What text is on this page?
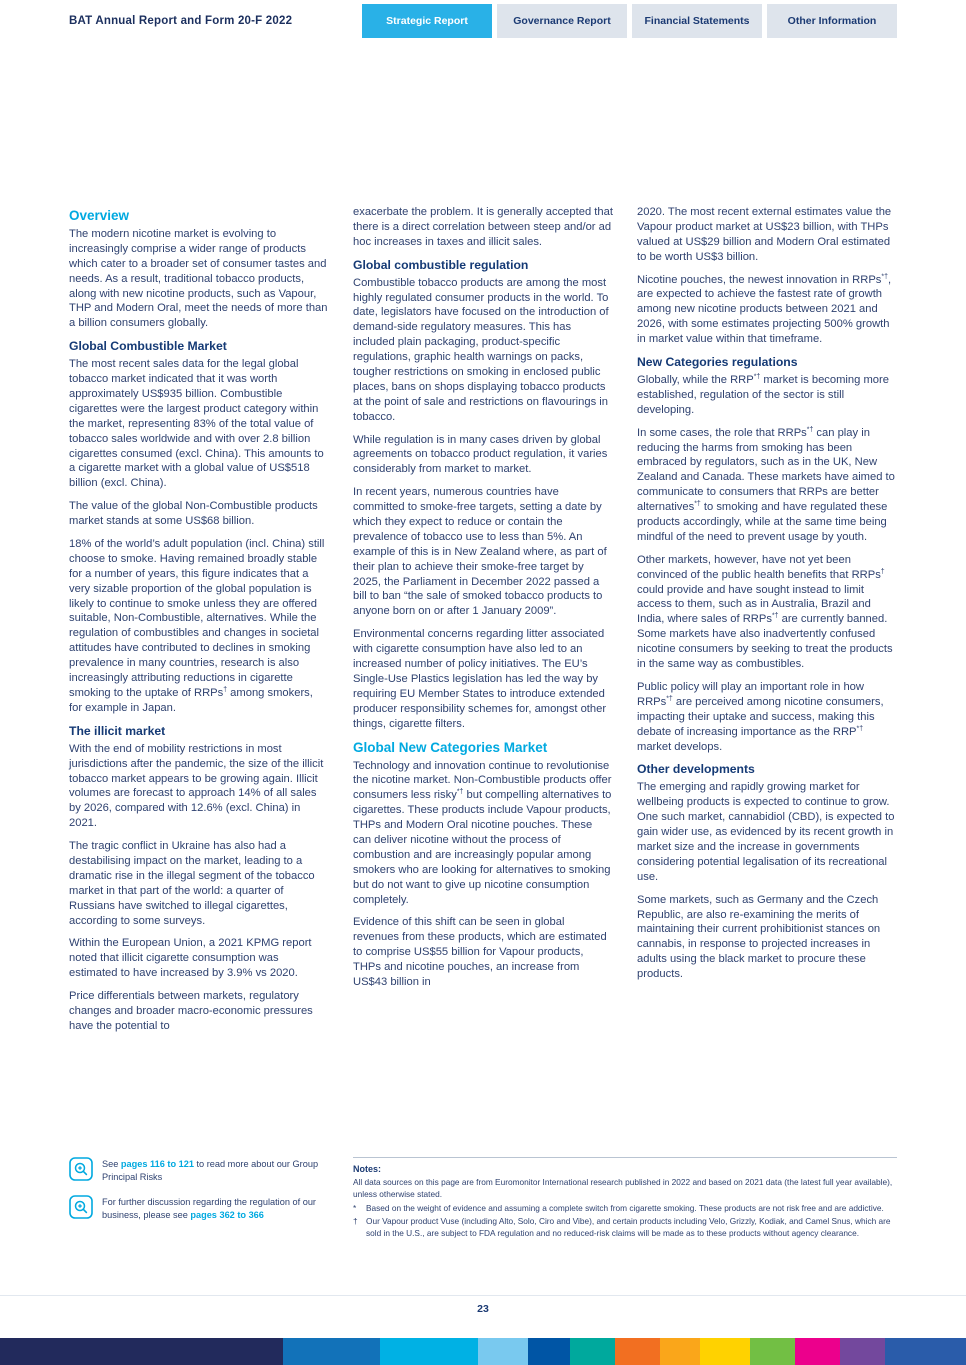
BAT Annual Report and Form 20-F 2022	Strategic Report	Governance Report	Financial Statements	Other Information
Overview

The modern nicotine market is evolving to increasingly comprise a wider range of products which cater to a broader set of consumer tastes and needs. As a result, traditional tobacco products, along with new nicotine products, such as Vapour, THP and Modern Oral, meet the needs of more than a billion consumers globally.

Global Combustible Market

The most recent sales data for the legal global tobacco market indicated that it was worth approximately US$935 billion. Combustible cigarettes were the largest product category within the market, representing 83% of the total value of tobacco sales worldwide and with over 2.8 billion cigarettes consumed (excl. China). This amounts to a cigarette market with a global value of US$518 billion (excl. China).

The value of the global Non-Combustible products market stands at some US$68 billion.

18% of the world’s adult population (incl. China) still choose to smoke. Having remained broadly stable for a number of years, this figure indicates that a very sizable proportion of the global population is likely to continue to smoke unless they are offered suitable, Non-Combustible, alternatives. While the regulation of combustibles and changes in societal attitudes have contributed to declines in smoking prevalence in many countries, research is also increasingly attributing reductions in cigarette smoking to the uptake of RRPs† among smokers, for example in Japan.

The illicit market

With the end of mobility restrictions in most jurisdictions after the pandemic, the size of the illicit tobacco market appears to be growing again. Illicit volumes are forecast to approach 14% of all sales by 2026, compared with 12.6% (excl. China) in 2021.

The tragic conflict in Ukraine has also had a destabilising impact on the market, leading to a dramatic rise in the illegal segment of the tobacco market in that part of the world: a quarter of Russians have switched to illegal cigarettes, according to some surveys.

Within the European Union, a 2021 KPMG report noted that illicit cigarette consumption was estimated to have increased by 3.9% vs 2020.

Price differentials between markets, regulatory changes and broader macro-economic pressures have the potential to

exacerbate the problem. It is generally accepted that there is a direct correlation between steep and/or ad hoc increases in taxes and illicit sales.

Global combustible regulation

Combustible tobacco products are among the most highly regulated consumer products in the world. To date, legislators have focused on the introduction of demand-side regulatory measures. This has included plain packaging, product-specific regulations, graphic health warnings on packs, tougher restrictions on smoking in enclosed public places, bans on shops displaying tobacco products at the point of sale and restrictions on flavourings in tobacco.

While regulation is in many cases driven by global agreements on tobacco product regulation, it varies considerably from market to market.

In recent years, numerous countries have committed to smoke-free targets, setting a date by which they expect to reduce or contain the prevalence of tobacco use to less than 5%. An example of this is in New Zealand where, as part of their plan to achieve their smoke-free target by 2025, the Parliament in December 2022 passed a bill to ban “the sale of smoked tobacco products to anyone born on or after 1 January 2009”.

Environmental concerns regarding litter associated with cigarette consumption have also led to an increased number of policy initiatives. The EU’s Single-Use Plastics legislation has led the way by requiring EU Member States to introduce extended producer responsibility schemes for, amongst other things, cigarette filters.

Global New Categories Market

Technology and innovation continue to revolutionise the nicotine market. Non-Combustible products offer consumers less risky*† but compelling alternatives to cigarettes. These products include Vapour products, THPs and Modern Oral nicotine pouches. These can deliver nicotine without the process of combustion and are increasingly popular among smokers who are looking for alternatives to smoking but do not want to give up nicotine consumption completely.

Evidence of this shift can be seen in global revenues from these products, which are estimated to comprise US$55 billion for Vapour products, THPs and nicotine pouches, an increase from US$43 billion in

2020. The most recent external estimates value the Vapour product market at US$23 billion, with THPs valued at US$29 billion and Modern Oral estimated to be worth US$3 billion.

Nicotine pouches, the newest innovation in RRPs*†, are expected to achieve the fastest rate of growth among new nicotine products between 2021 and 2026, with some estimates projecting 500% growth in market value within that timeframe.

New Categories regulations

Globally, while the RRP*† market is becoming more established, regulation of the sector is still developing.

In some cases, the role that RRPs*† can play in reducing the harms from smoking has been embraced by regulators, such as in the UK, New Zealand and Canada. These markets have aimed to communicate to consumers that RRPs are better alternatives*† to smoking and have regulated these products accordingly, while at the same time being mindful of the need to prevent usage by youth.

Other markets, however, have not yet been convinced of the public health benefits that RRPs† could provide and have sought instead to limit access to them, such as in Australia, Brazil and India, where sales of RRPs*† are currently banned. Some markets have also inadvertently confused nicotine consumers by seeking to treat the products in the same way as combustibles.

Public policy will play an important role in how RRPs*† are perceived among nicotine consumers, impacting their uptake and success, making this debate of increasing importance as the RRP*† market develops.

Other developments

The emerging and rapidly growing market for wellbeing products is expected to continue to grow. One such market, cannabidiol (CBD), is expected to gain wider use, as evidenced by its recent growth in market size and the increase in governments considering potential legalisation of its recreational use.

Some markets, such as Germany and the Czech Republic, are also re-examining the merits of maintaining their current prohibitionist stances on cannabis, in response to projected increases in adults using the black market to procure these products.

See pages 116 to 121 to read more about our Group Principal Risks

For further discussion regarding the regulation of our business, please see pages 362 to 366

Notes:

All data sources on this page are from Euromonitor International research published in 2022 and based on 2021 data (the latest full year available), unless otherwise stated.

*	Based on the weight of evidence and assuming a complete switch from cigarette smoking. These products are not risk free and are addictive.
†	Our Vapour product Vuse (including Alto, Solo, Ciro and Vibe), and certain products including Velo, Grizzly, Kodiak, and Camel Snus, which are sold in the U.S., are subject to FDA regulation and no reduced-risk claims will be made as to these products without agency clearance.
23
